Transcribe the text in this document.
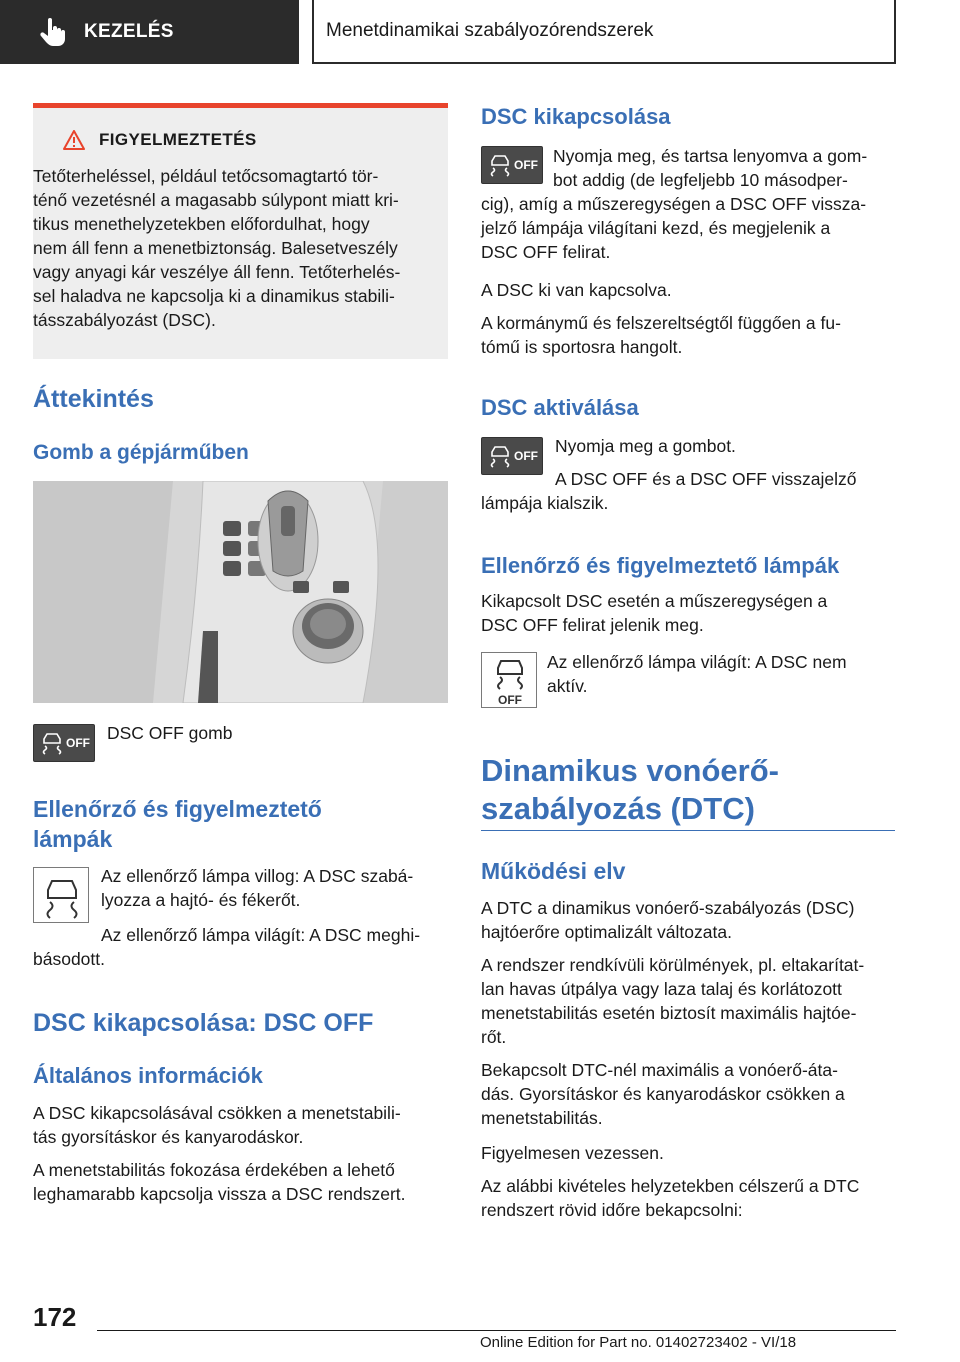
KEZELÉS	Menetdinamikai szabályozórendszerek
FIGYELMEZTETÉS
Tetőterheléssel, például tetőcsomagtartó tör-
ténő vezetésnél a magasabb súlypont miatt kri-
tikus menethelyzetekben előfordulhat, hogy
nem áll fenn a menetbiztonság. Balesetveszély
vagy anyagi kár veszélye áll fenn. Tetőterhelés-
sel haladva ne kapcsolja ki a dinamikus stabili-
tásszabályozást (DSC).
Áttekintés
Gomb a gépjárműben
OFF DSC OFF gomb
Ellenőrző és figyelmeztető
lámpák
Az ellenőrző lámpa villog: A DSC szabá-
lyozza a hajtó- és fékerőt.
Az ellenőrző lámpa világít: A DSC meghi-
básodott.
DSC kikapcsolása: DSC OFF
Általános információk
A DSC kikapcsolásával csökken a menetstabili-
tás gyorsításkor és kanyarodáskor.
A menetstabilitás fokozása érdekében a lehető
leghamarabb kapcsolja vissza a DSC rendszert.
DSC kikapcsolása
OFF Nyomja meg, és tartsa lenyomva a gom-
bot addig (de legfeljebb 10 másodper-
cig), amíg a műszeregységen a DSC OFF vissza-
jelző lámpája világítani kezd, és megjelenik a
DSC OFF felirat.
A DSC ki van kapcsolva.
A kormánymű és felszereltségtől függően a fu-
tómű is sportosra hangolt.
DSC aktiválása
OFF Nyomja meg a gombot.
A DSC OFF és a DSC OFF visszajelző
lámpája kialszik.
Ellenőrző és figyelmeztető lámpák
Kikapcsolt DSC esetén a műszeregységen a
DSC OFF felirat jelenik meg.
OFF
Az ellenőrző lámpa világít: A DSC nem
aktív.
Dinamikus vonóerő-
szabályozás (DTC)
Működési elv
A DTC a dinamikus vonóerő-szabályozás (DSC)
hajtóerőre optimalizált változata.
A rendszer rendkívüli körülmények, pl. eltakarítat-
lan havas útpálya vagy laza talaj és korlátozott
menetstabilitás esetén biztosít maximális hajtóe-
rőt.
Bekapcsolt DTC-nél maximális a vonóerő-áta-
dás. Gyorsításkor és kanyarodáskor csökken a
menetstabilitás.
Figyelmesen vezessen.
Az alábbi kivételes helyzetekben célszerű a DTC
rendszert rövid időre bekapcsolni:
172
Online Edition for Part no. 01402723402 - VI/18
